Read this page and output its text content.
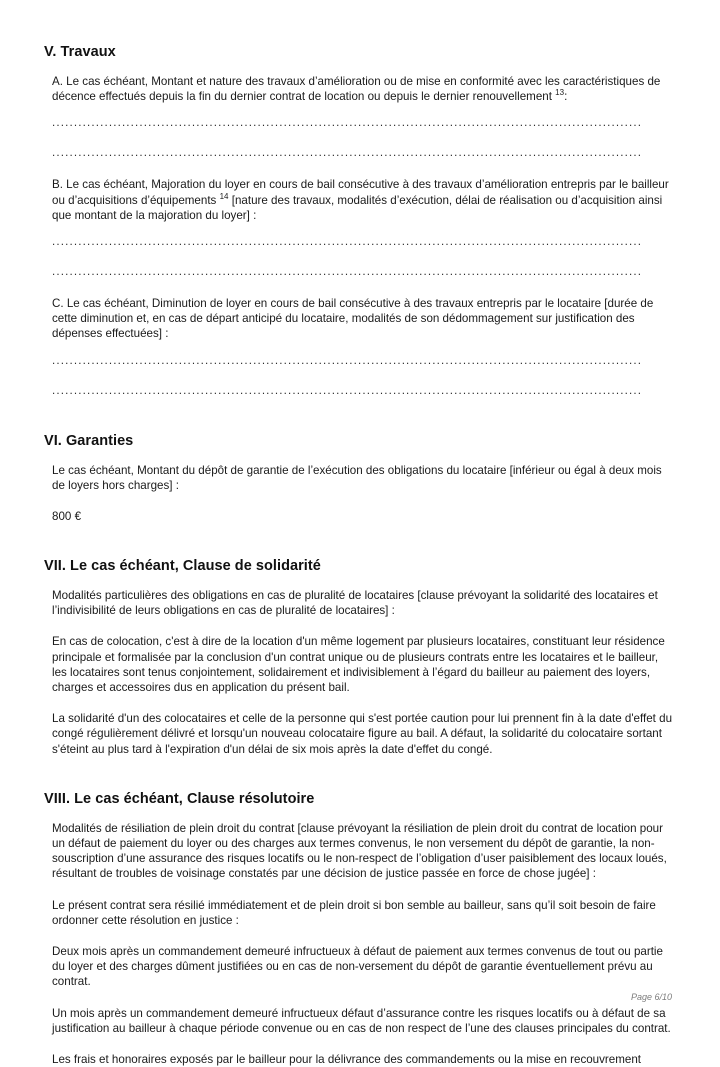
V. Travaux

A. Le cas échéant, Montant et nature des travaux d’amélioration ou de mise en conformité avec les caractéristiques de décence effectués depuis la fin du dernier contrat de location ou depuis le dernier renouvellement $^{13}$:

.......................................................................................................................................
.......................................................................................................................................

B. Le cas échéant, Majoration du loyer en cours de bail consécutive à des travaux d’amélioration entrepris par le bailleur ou d’acquisitions d’équipements $^{14}$ [nature des travaux, modalités d’exécution, délai de réalisation ou d’acquisition ainsi que montant de la majoration du loyer] :

.......................................................................................................................................
.......................................................................................................................................

C. Le cas échéant, Diminution de loyer en cours de bail consécutive à des travaux entrepris par le locataire [durée de cette diminution et, en cas de départ anticipé du locataire, modalités de son dédommagement sur justification des dépenses effectuées] :

.......................................................................................................................................
.......................................................................................................................................
VI. Garanties

Le cas échéant, Montant du dépôt de garantie de l’exécution des obligations du locataire [inférieur ou égal à deux mois de loyers hors charges] :

800 €
VII. Le cas échéant, Clause de solidarité

Modalités particulières des obligations en cas de pluralité de locataires [clause prévoyant la solidarité des locataires et l’indivisibilité de leurs obligations en cas de pluralité de locataires] :

En cas de colocation, c'est à dire de la location d'un même logement par plusieurs locataires, constituant leur résidence principale et formalisée par la conclusion d'un contrat unique ou de plusieurs contrats entre les locataires et le bailleur, les locataires sont tenus conjointement, solidairement et indivisiblement à l’égard du bailleur au paiement des loyers, charges et accessoires dus en application du présent bail.

La solidarité d'un des colocataires et celle de la personne qui s'est portée caution pour lui prennent fin à la date d'effet du congé régulièrement délivré et lorsqu'un nouveau colocataire figure au bail. A défaut, la solidarité du colocataire sortant s'éteint au plus tard à l'expiration d'un délai de six mois après la date d'effet du congé.

VIII. Le cas échéant, Clause résolutoire

Modalités de résiliation de plein droit du contrat [clause prévoyant la résiliation de plein droit du contrat de location pour un défaut de paiement du loyer ou des charges aux termes convenus, le non versement du dépôt de garantie, la non-souscription d’une assurance des risques locatifs ou le non-respect de l’obligation d’user paisiblement des locaux loués, résultant de troubles de voisinage constatés par une décision de justice passée en force de chose jugée] :

Le présent contrat sera résilié immédiatement et de plein droit si bon semble au bailleur, sans qu’il soit besoin de faire ordonner cette résolution en justice :

Deux mois après un commandement demeuré infructueux à défaut de paiement aux termes convenus de tout ou partie du loyer et des charges dûment justifiées ou en cas de non-versement du dépôt de garantie éventuellement prévu au contrat.

Un mois après un commandement demeuré infructueux défaut d’assurance contre les risques locatifs ou à défaut de sa justification au bailleur à chaque période convenue ou en cas de non respect de l’une des clauses principales du contrat.

Les frais et honoraires exposés par le bailleur pour la délivrance des commandements ou la mise en recouvrement

Page 6/10
